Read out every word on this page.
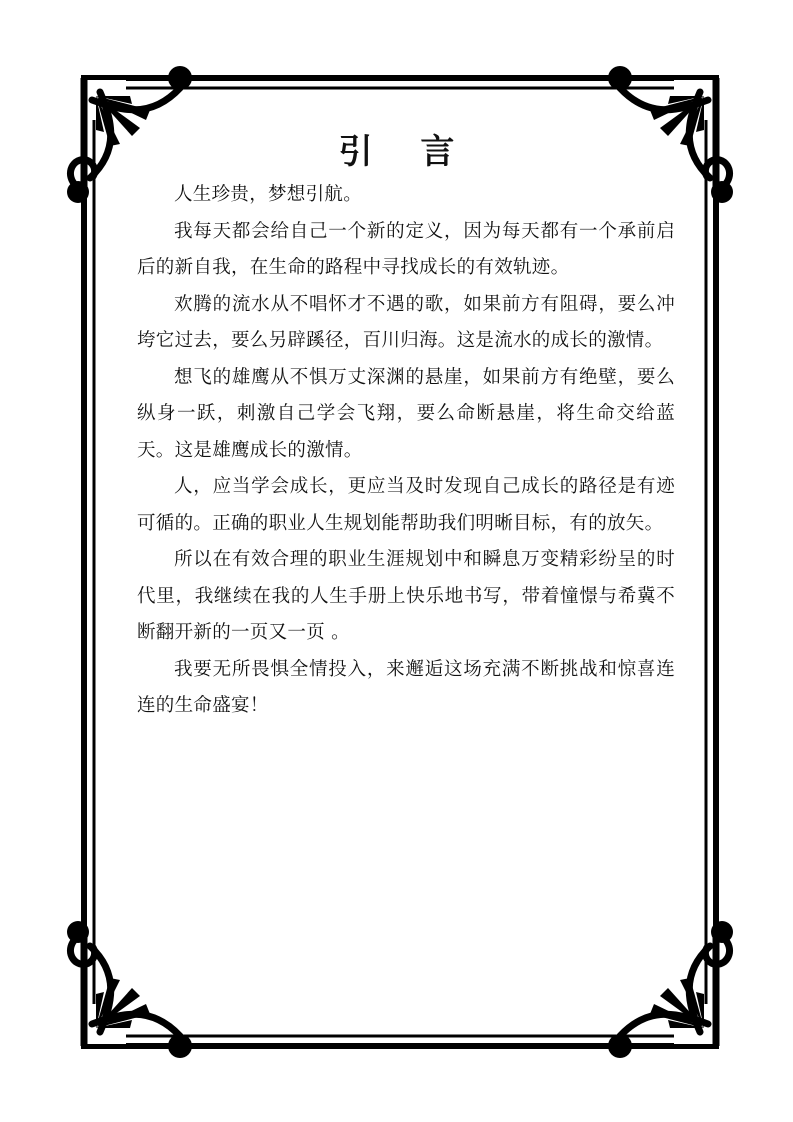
引 言

人生珍贵，梦想引航。

我每天都会给自己一个新的定义，因为每天都有一个承前启后的新自我，在生命的路程中寻找成长的有效轨迹。

欢腾的流水从不唱怀才不遇的歌，如果前方有阻碍，要么冲垮它过去，要么另辟蹊径，百川归海。这是流水的成长的激情。

想飞的雄鹰从不惧万丈深渊的悬崖，如果前方有绝壁，要么纵身一跃，刺激自己学会飞翔，要么命断悬崖，将生命交给蓝天。这是雄鹰成长的激情。

人，应当学会成长，更应当及时发现自己成长的路径是有迹可循的。正确的职业人生规划能帮助我们明晰目标，有的放矢。

所以在有效合理的职业生涯规划中和瞬息万变精彩纷呈的时代里，我继续在我的人生手册上快乐地书写，带着憧憬与希冀不断翻开新的一页又一页 。

我要无所畏惧全情投入，来邂逅这场充满不断挑战和惊喜连连的生命盛宴！
